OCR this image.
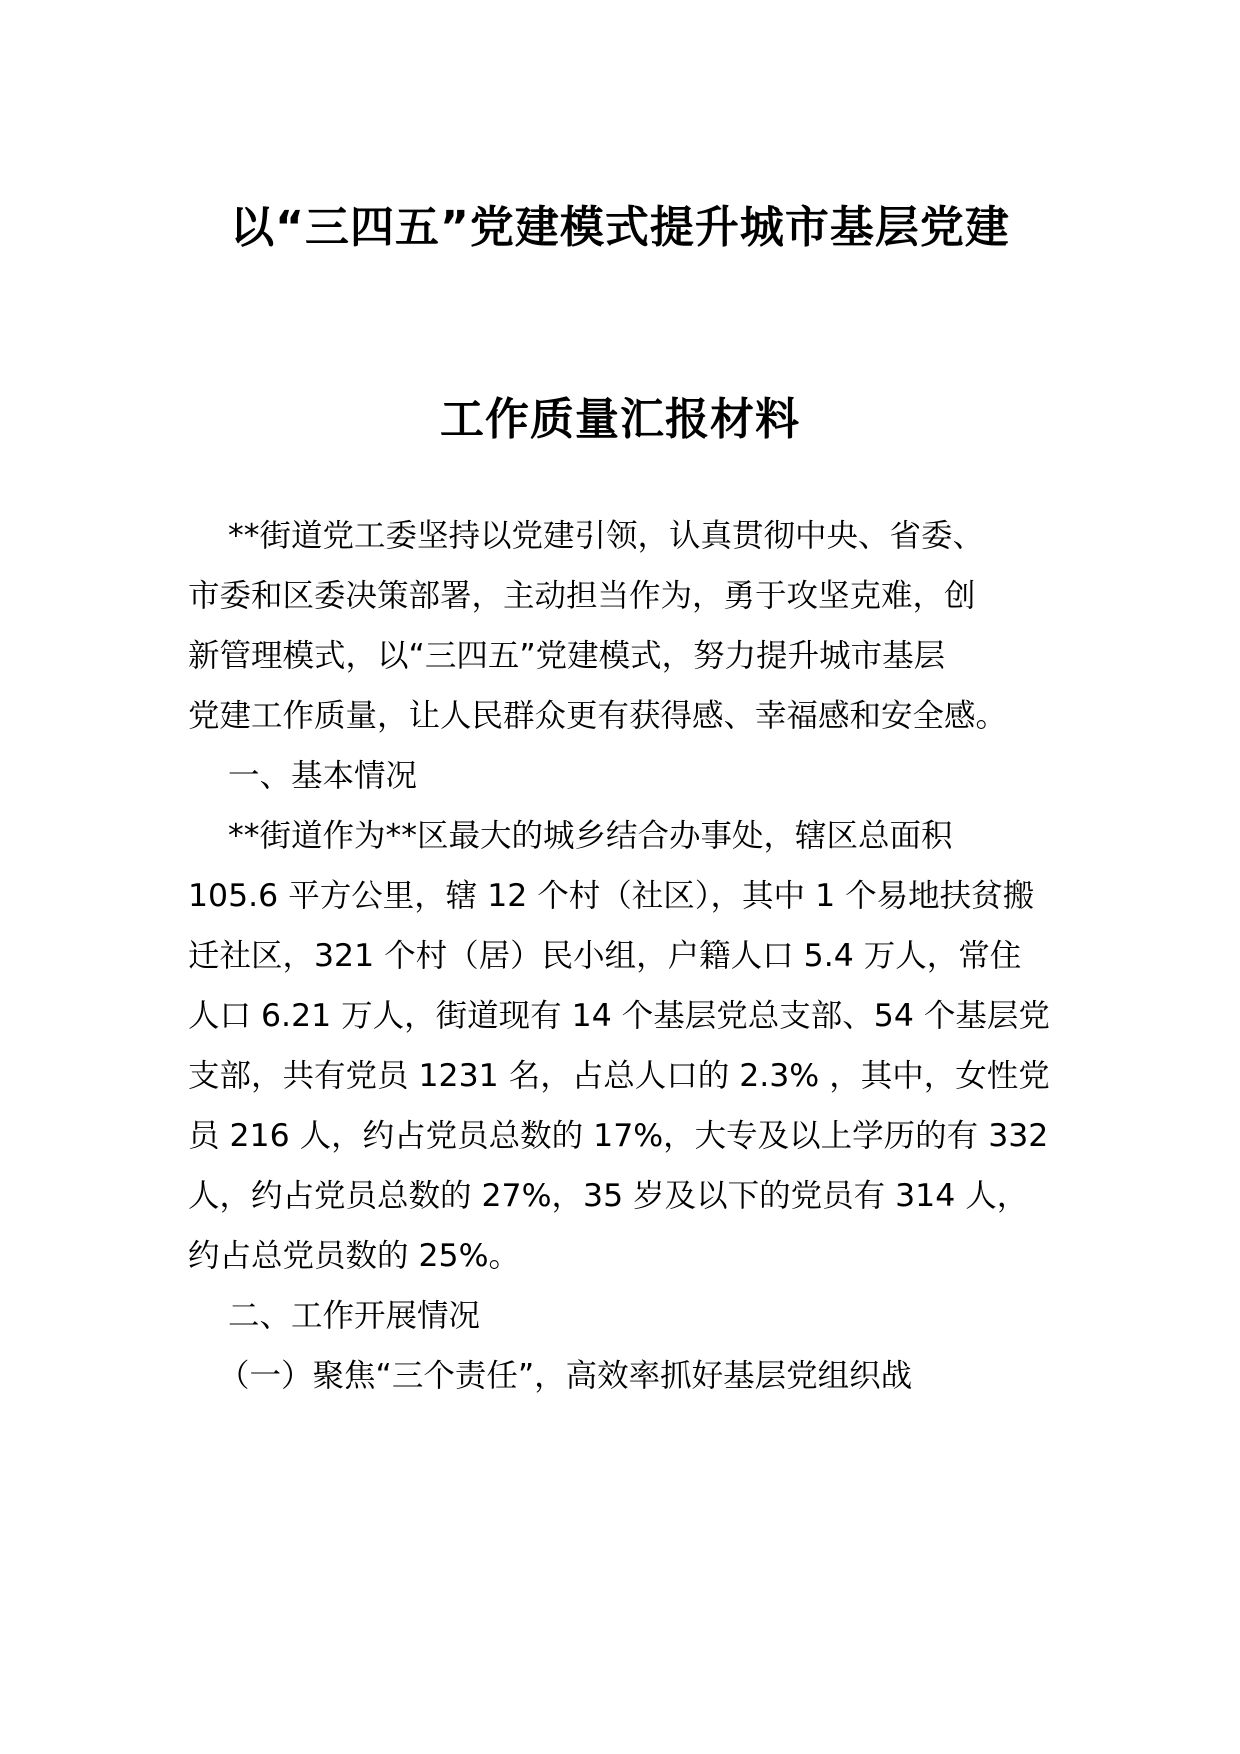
以“三四五”党建模式提升城市基层党建
工作质量汇报材料
**街道党工委坚持以党建引领，认真贯彻中央、省委、
市委和区委决策部署，主动担当作为，勇于攻坚克难，创
新管理模式，以“三四五”党建模式，努力提升城市基层
党建工作质量，让人民群众更有获得感、幸福感和安全感。
一、基本情况
**街道作为**区最大的城乡结合办事处，辖区总面积
105.6 平方公里，辖 12 个村（社区），其中 1 个易地扶贫搬
迁社区，321 个村（居）民小组，户籍人口 5.4 万人，常住
人口 6.21 万人，街道现有 14 个基层党总支部、54 个基层党
支部，共有党员 1231 名，占总人口的 2.3% ，其中，女性党
员 216 人，约占党员总数的 17%，大专及以上学历的有 332
人，约占党员总数的 27%，35 岁及以下的党员有 314 人，
约占总党员数的 25%。
二、工作开展情况
（一）聚焦“三个责任”，高效率抓好基层党组织战
